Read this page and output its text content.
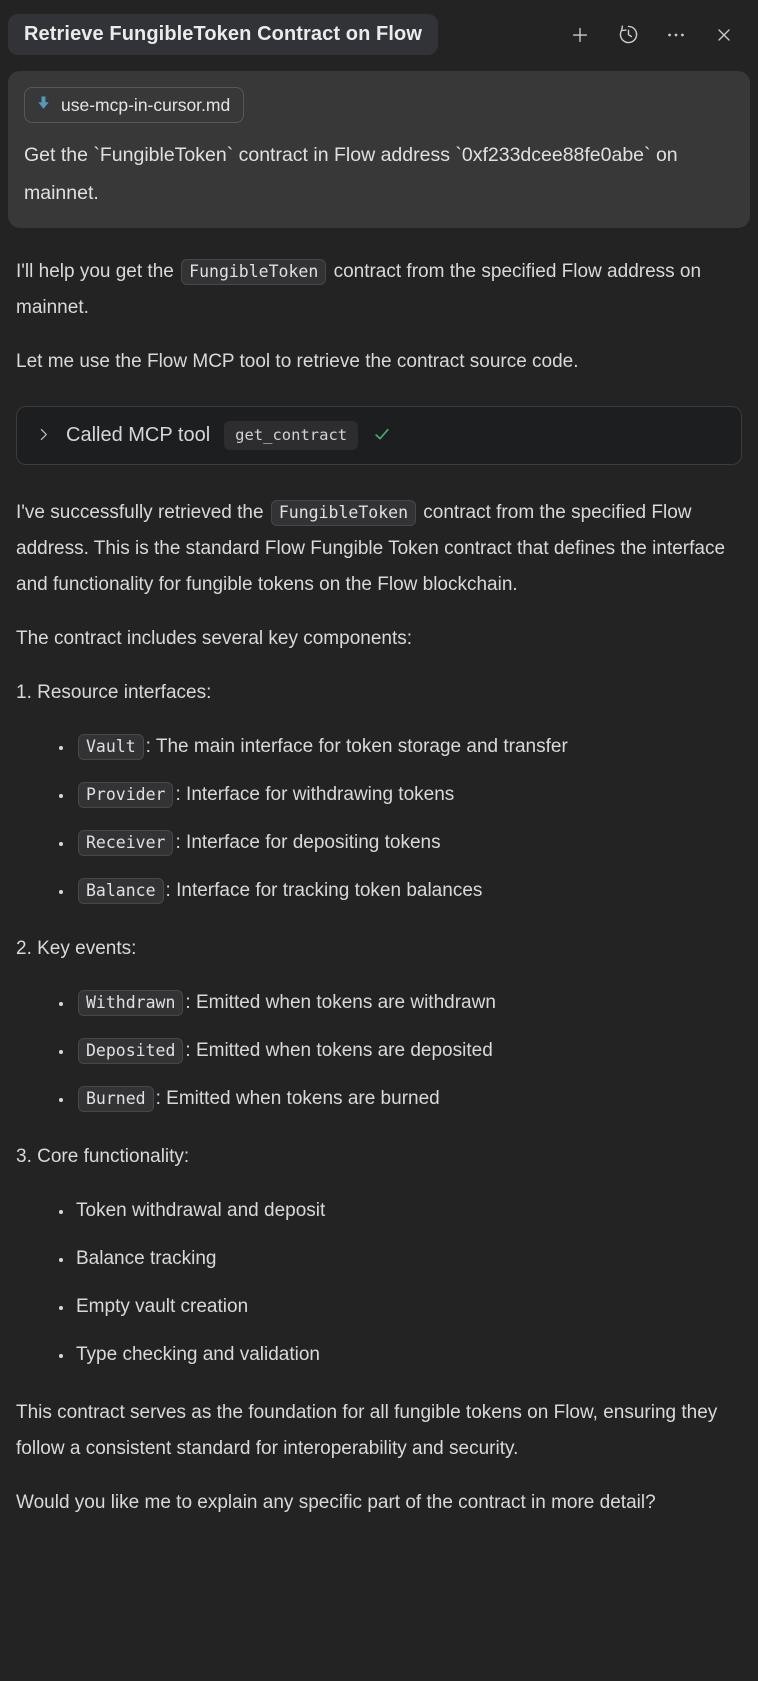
Retrieve FungibleToken Contract on Flow
use-mcp-in-cursor.md
Get the `FungibleToken` contract in Flow address `0xf233dcee88fe0abe` on mainnet.

I'll help you get the FungibleToken contract from the specified Flow address on mainnet.

Let me use the Flow MCP tool to retrieve the contract source code.

Called MCP tool	get_contract

I've successfully retrieved the FungibleToken contract from the specified Flow address. This is the standard Flow Fungible Token contract that defines the interface and functionality for fungible tokens on the Flow blockchain.

The contract includes several key components:

1. Resource interfaces:

• Vault : The main interface for token storage and transfer
• Provider : Interface for withdrawing tokens
• Receiver : Interface for depositing tokens
• Balance : Interface for tracking token balances

2. Key events:

• Withdrawn : Emitted when tokens are withdrawn
• Deposited : Emitted when tokens are deposited
• Burned : Emitted when tokens are burned

3. Core functionality:

• Token withdrawal and deposit
• Balance tracking
• Empty vault creation
• Type checking and validation

This contract serves as the foundation for all fungible tokens on Flow, ensuring they follow a consistent standard for interoperability and security.

Would you like me to explain any specific part of the contract in more detail?
